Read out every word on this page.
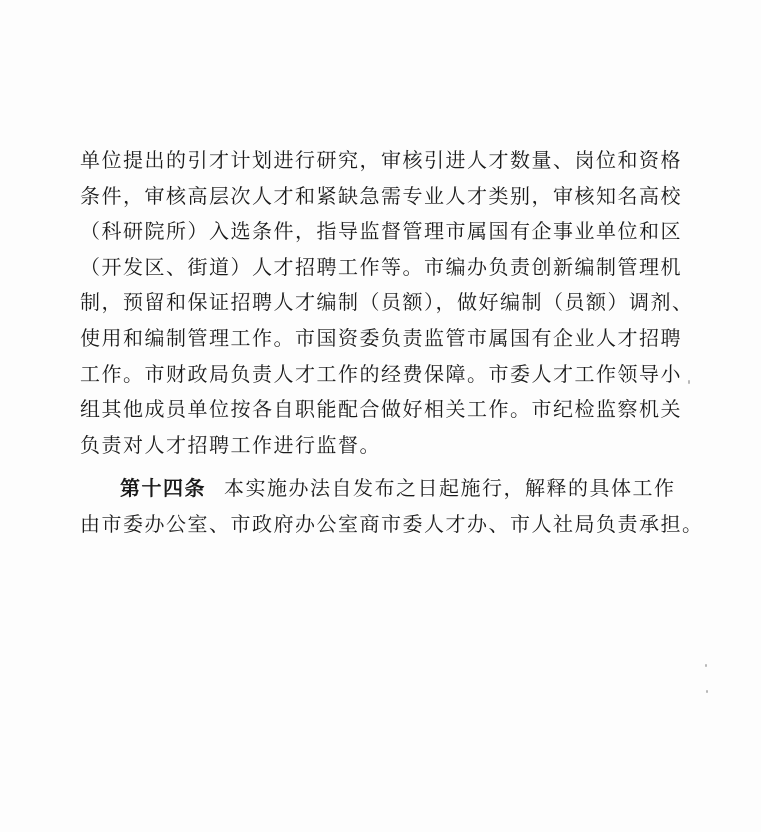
单位提出的引才计划进行研究，审核引进人才数量、岗位和资格
条件，审核高层次人才和紧缺急需专业人才类别，审核知名高校
（科研院所）入选条件，指导监督管理市属国有企事业单位和区
（开发区、街道）人才招聘工作等。市编办负责创新编制管理机
制，预留和保证招聘人才编制（员额），做好编制（员额）调剂、
使用和编制管理工作。市国资委负责监管市属国有企业人才招聘
工作。市财政局负责人才工作的经费保障。市委人才工作领导小
组其他成员单位按各自职能配合做好相关工作。市纪检监察机关
负责对人才招聘工作进行监督。
第十四条 本实施办法自发布之日起施行，解释的具体工作
由市委办公室、市政府办公室商市委人才办、市人社局负责承担。
